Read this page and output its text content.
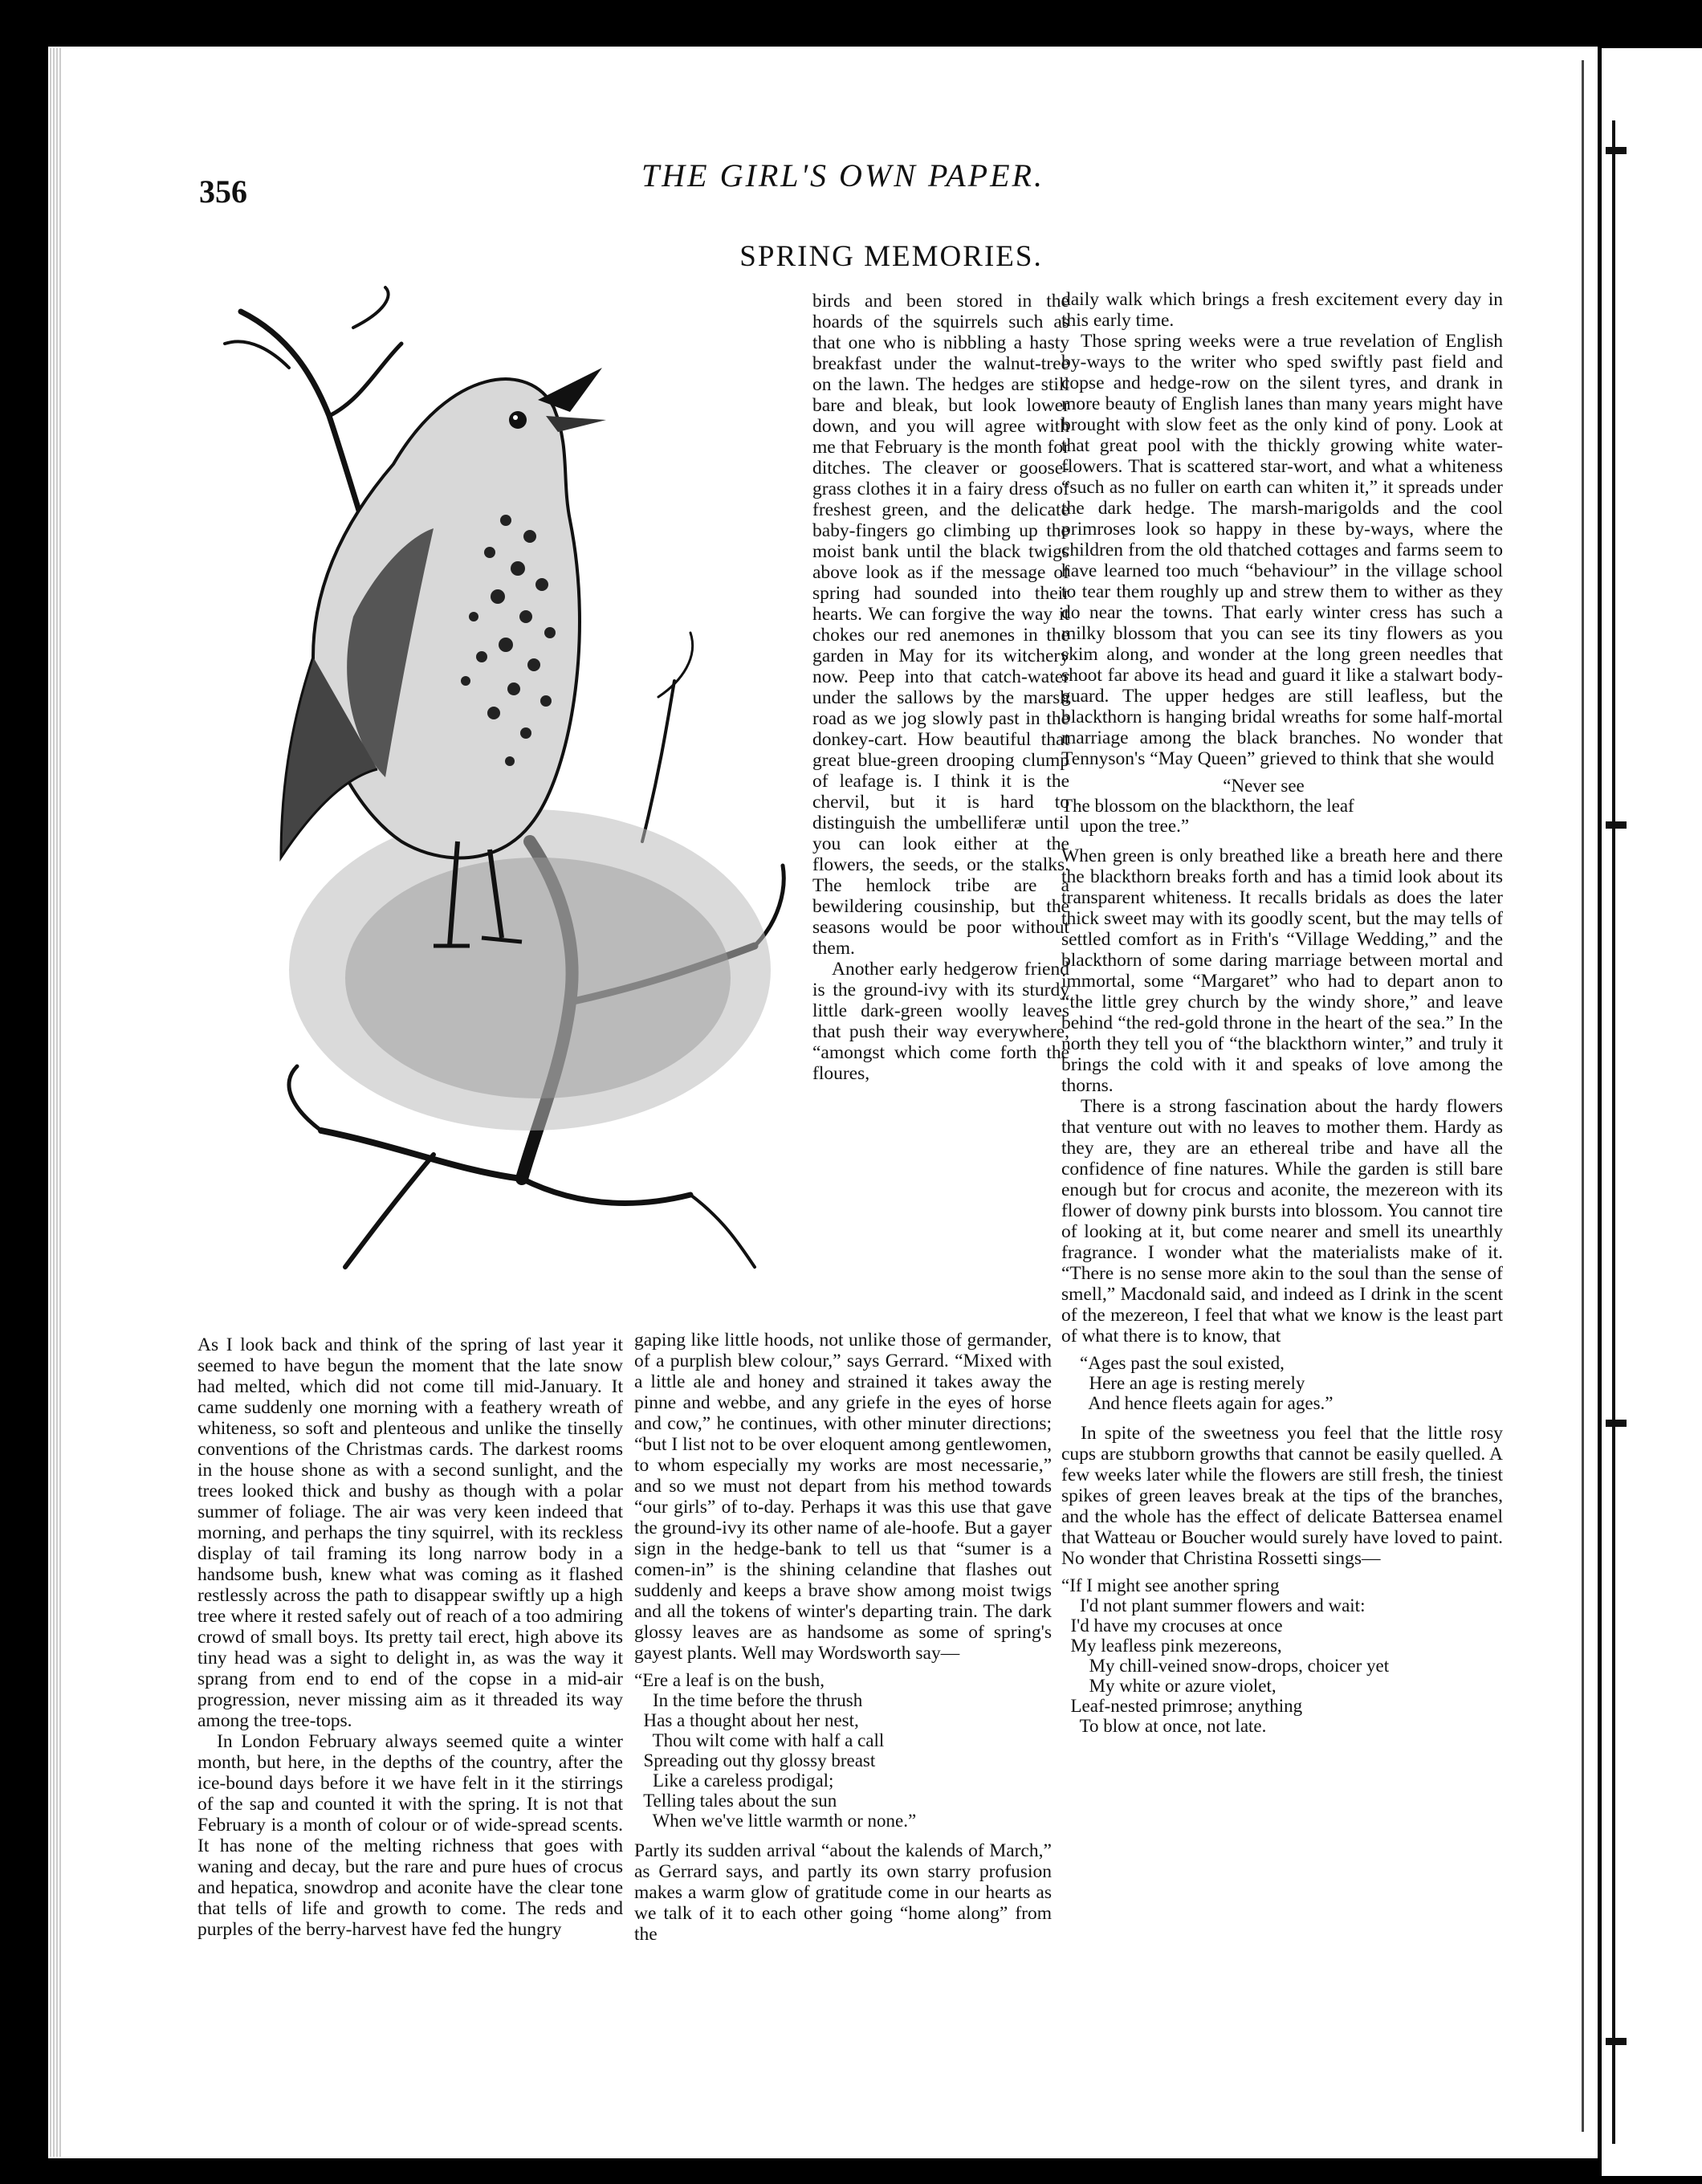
356	THE GIRL'S OWN PAPER.
SPRING MEMORIES.

birds and been stored in the hoards of the squirrels such as that one who is nibbling a hasty breakfast under the walnut-tree on the lawn. The hedges are still bare and bleak, but look lower down, and you will agree with me that February is the month for ditches. The cleaver or goose-grass clothes it in a fairy dress of freshest green, and the delicate baby-fingers go climbing up the moist bank until the black twigs above look as if the message of spring had sounded into their hearts. We can forgive the way it chokes our red anemones in the garden in May for its witchery now. Peep into that catch-water under the sallows by the marsh road as we jog slowly past in the donkey-cart. How beautiful that great blue-green drooping clump of leafage is. I think it is the chervil, but it is hard to distinguish the umbelliferæ until you can look either at the flowers, the seeds, or the stalks. The hemlock tribe are a bewildering cousinship, but the seasons would be poor without them.

Another early hedgerow friend is the ground-ivy with its sturdy little dark-green woolly leaves that push their way everywhere, “amongst which come forth the floures,

As I look back and think of the spring of last year it seemed to have begun the moment that the late snow had melted, which did not come till mid-January. It came suddenly one morning with a feathery wreath of whiteness, so soft and plenteous and unlike the tinselly conventions of the Christmas cards. The darkest rooms in the house shone as with a second sunlight, and the trees looked thick and bushy as though with a polar summer of foliage. The air was very keen indeed that morning, and perhaps the tiny squirrel, with its reckless display of tail framing its long narrow body in a handsome bush, knew what was coming as it flashed restlessly across the path to disappear swiftly up a high tree where it rested safely out of reach of a too admiring crowd of small boys. Its pretty tail erect, high above its tiny head was a sight to delight in, as was the way it sprang from end to end of the copse in a mid-air progression, never missing aim as it threaded its way among the tree-tops.

In London February always seemed quite a winter month, but here, in the depths of the country, after the ice-bound days before it we have felt in it the stirrings of the sap and counted it with the spring. It is not that February is a month of colour or of wide-spread scents. It has none of the melting richness that goes with waning and decay, but the rare and pure hues of crocus and hepatica, snowdrop and aconite have the clear tone that tells of life and growth to come. The reds and purples of the berry-harvest have fed the hungry

gaping like little hoods, not unlike those of germander, of a purplish blew colour,” says Gerrard. “Mixed with a little ale and honey and strained it takes away the pinne and webbe, and any griefe in the eyes of horse and cow,” he continues, with other minuter directions; “but I list not to be over eloquent among gentlewomen, to whom especially my works are most necessarie,” and so we must not depart from his method towards “our girls” of to-day. Perhaps it was this use that gave the ground-ivy its other name of ale-hoofe. But a gayer sign in the hedge-bank to tell us that “sumer is a comen-in” is the shining celandine that flashes out suddenly and keeps a brave show among moist twigs and all the tokens of winter's departing train. The dark glossy leaves are as handsome as some of spring's gayest plants. Well may Wordsworth say—

“Ere a leaf is on the bush,
In the time before the thrush
Has a thought about her nest,
Thou wilt come with half a call
Spreading out thy glossy breast
Like a careless prodigal;
Telling tales about the sun
When we've little warmth or none.”

Partly its sudden arrival “about the kalends of March,” as Gerrard says, and partly its own starry profusion makes a warm glow of gratitude come in our hearts as we talk of it to each other going “home along” from the

daily walk which brings a fresh excitement every day in this early time.

Those spring weeks were a true revelation of English by-ways to the writer who sped swiftly past field and copse and hedge-row on the silent tyres, and drank in more beauty of English lanes than many years might have brought with slow feet as the only kind of pony. Look at that great pool with the thickly growing white water-flowers. That is scattered star-wort, and what a whiteness “such as no fuller on earth can whiten it,” it spreads under the dark hedge. The marsh-marigolds and the cool primroses look so happy in these by-ways, where the children from the old thatched cottages and farms seem to have learned too much “behaviour” in the village school to tear them roughly up and strew them to wither as they do near the towns. That early winter cress has such a milky blossom that you can see its tiny flowers as you skim along, and wonder at the long green needles that shoot far above its head and guard it like a stalwart body-guard. The upper hedges are still leafless, but the blackthorn is hanging bridal wreaths for some half-mortal marriage among the black branches. No wonder that Tennyson's “May Queen” grieved to think that she would

“Never see
The blossom on the blackthorn, the leaf
upon the tree.”

When green is only breathed like a breath here and there the blackthorn breaks forth and has a timid look about its transparent whiteness. It recalls bridals as does the later thick sweet may with its goodly scent, but the may tells of settled comfort as in Frith's “Village Wedding,” and the blackthorn of some daring marriage between mortal and immortal, some “Margaret” who had to depart anon to “the little grey church by the windy shore,” and leave behind “the red-gold throne in the heart of the sea.” In the north they tell you of “the blackthorn winter,” and truly it brings the cold with it and speaks of love among the thorns.

There is a strong fascination about the hardy flowers that venture out with no leaves to mother them. Hardy as they are, they are an ethereal tribe and have all the confidence of fine natures. While the garden is still bare enough but for crocus and aconite, the mezereon with its flower of downy pink bursts into blossom. You cannot tire of looking at it, but come nearer and smell its unearthly fragrance. I wonder what the materialists make of it. “There is no sense more akin to the soul than the sense of smell,” Macdonald said, and indeed as I drink in the scent of the mezereon, I feel that what we know is the least part of what there is to know, that

“Ages past the soul existed,
Here an age is resting merely
And hence fleets again for ages.”

In spite of the sweetness you feel that the little rosy cups are stubborn growths that cannot be easily quelled. A few weeks later while the flowers are still fresh, the tiniest spikes of green leaves break at the tips of the branches, and the whole has the effect of delicate Battersea enamel that Watteau or Boucher would surely have loved to paint. No wonder that Christina Rossetti sings—

“If I might see another spring
I'd not plant summer flowers and wait:
I'd have my crocuses at once
My leafless pink mezereons,
My chill-veined snow-drops, choicer yet
My white or azure violet,
Leaf-nested primrose; anything
To blow at once, not late.
